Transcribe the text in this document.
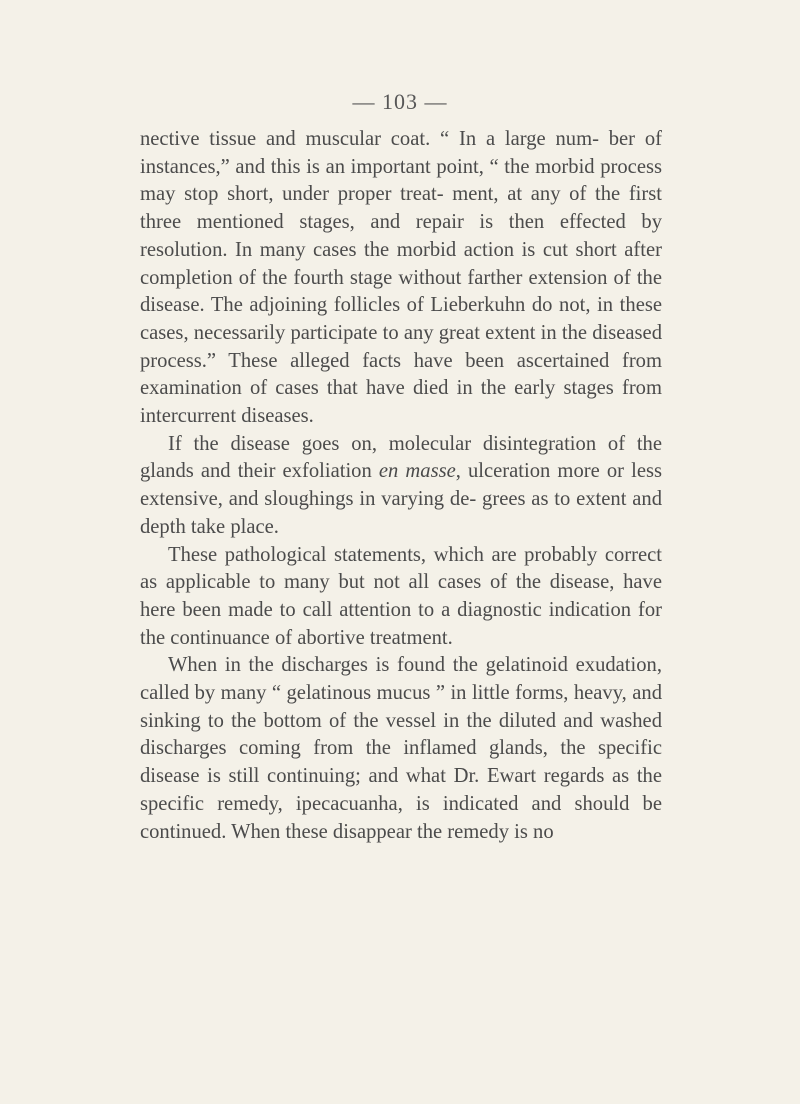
— 103 —

nective tissue and muscular coat. “ In a large num- ber of instances,” and this is an important point, “ the morbid process may stop short, under proper treat- ment, at any of the first three mentioned stages, and repair is then effected by resolution. In many cases the morbid action is cut short after completion of the fourth stage without farther extension of the disease. The adjoining follicles of Lieberkuhn do not, in these cases, necessarily participate to any great extent in the diseased process.” These alleged facts have been ascertained from examination of cases that have died in the early stages from intercurrent diseases.

If the disease goes on, molecular disintegration of the glands and their exfoliation en masse, ulceration more or less extensive, and sloughings in varying de- grees as to extent and depth take place.

These pathological statements, which are probably correct as applicable to many but not all cases of the disease, have here been made to call attention to a diagnostic indication for the continuance of abortive treatment.

When in the discharges is found the gelatinoid exudation, called by many “ gelatinous mucus ” in little forms, heavy, and sinking to the bottom of the vessel in the diluted and washed discharges coming from the inflamed glands, the specific disease is still continuing; and what Dr. Ewart regards as the specific remedy, ipecacuanha, is indicated and should be continued. When these disappear the remedy is no
